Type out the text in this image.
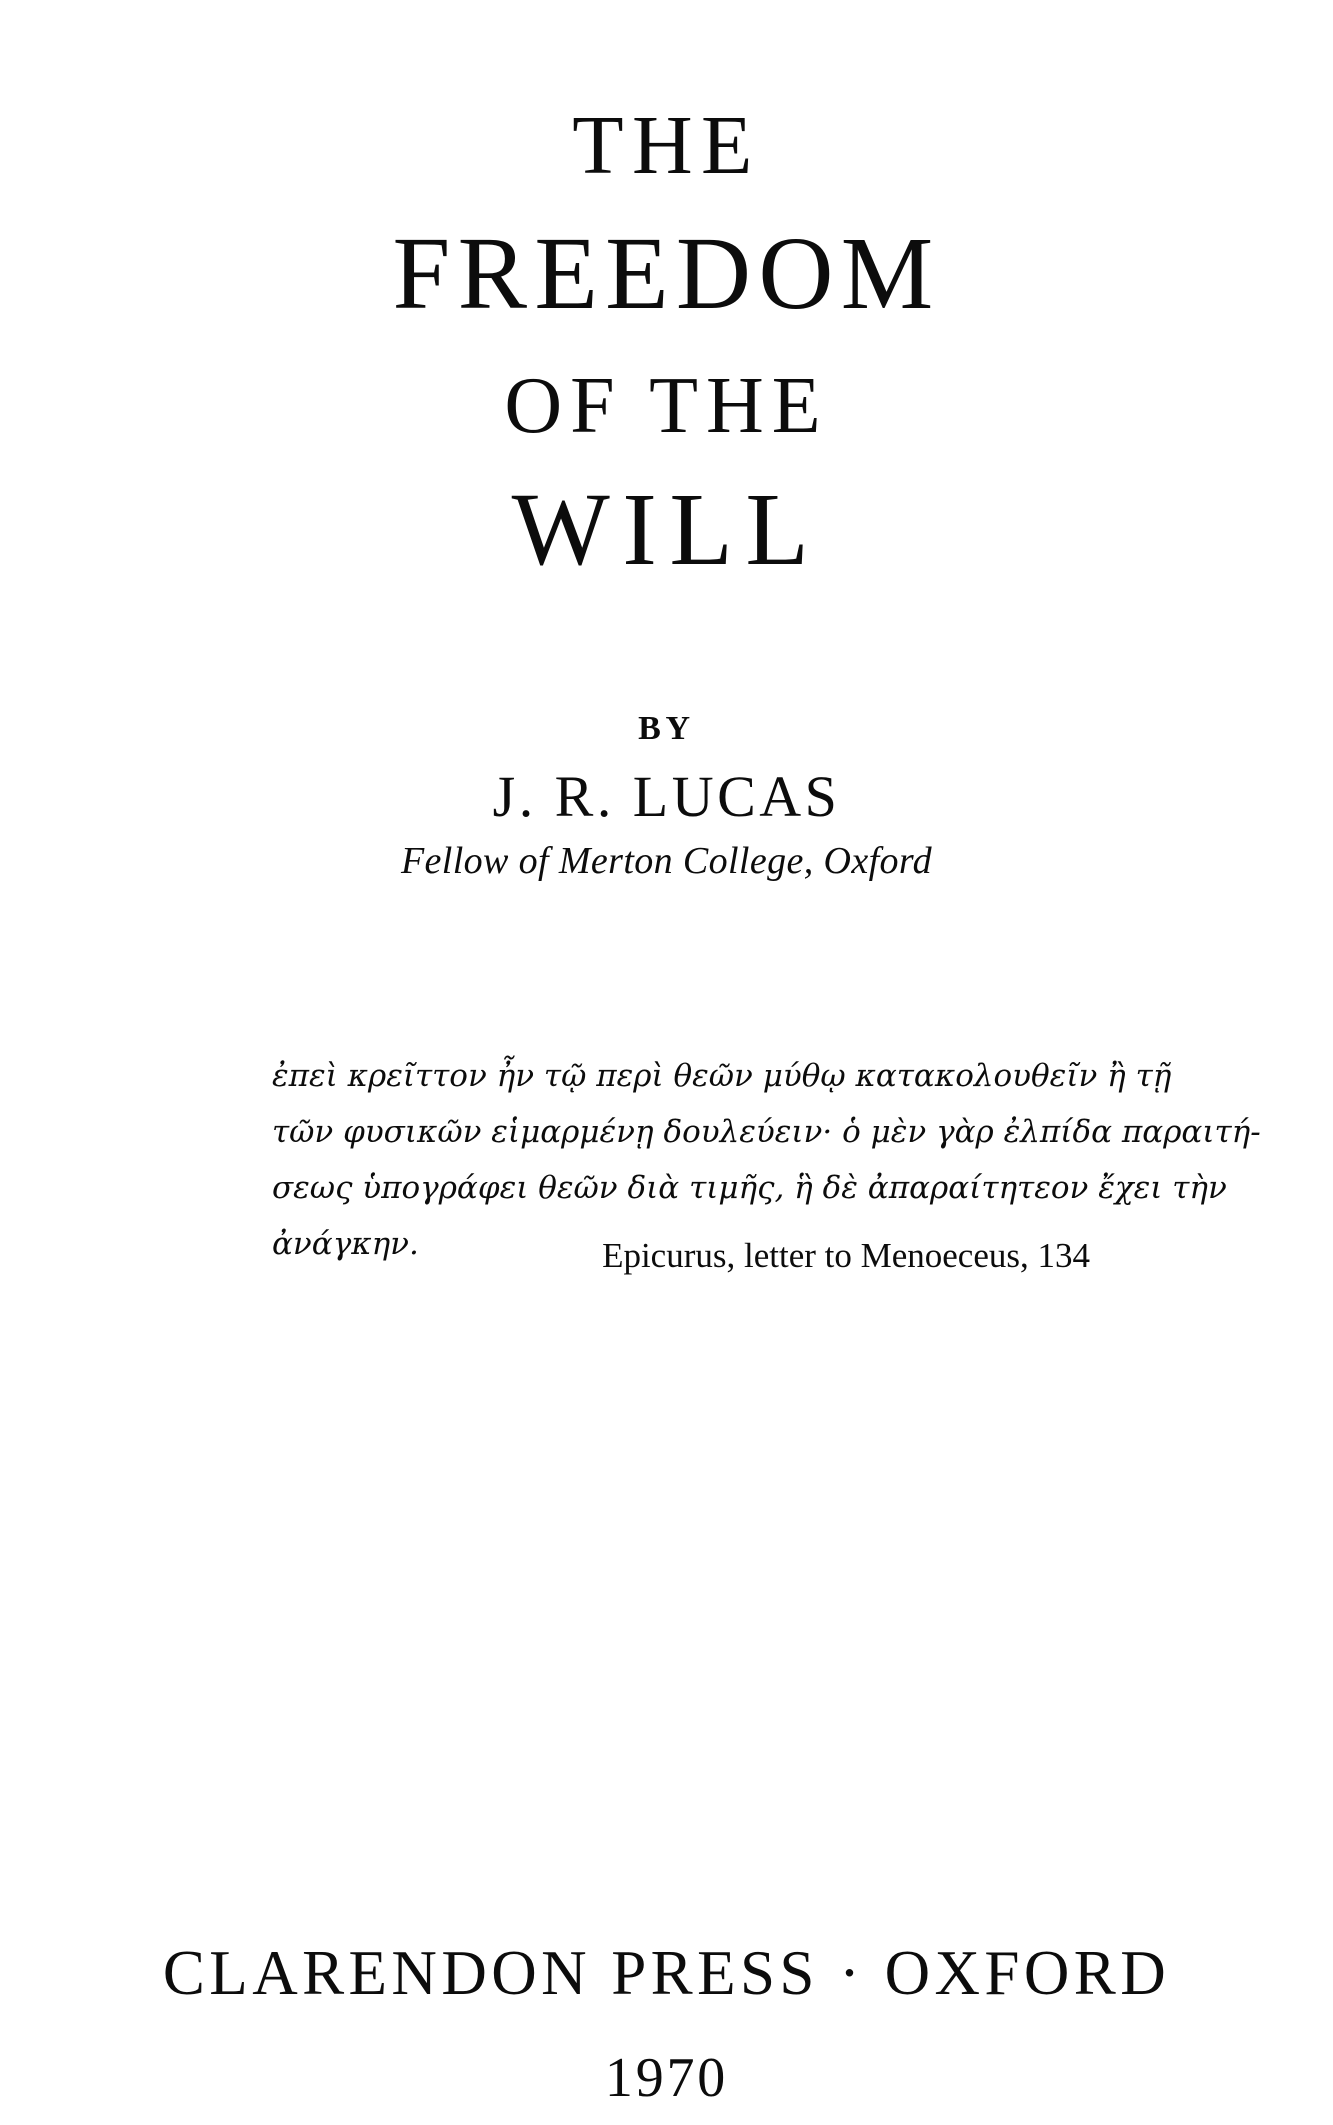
THE
FREEDOM
OF THE
WILL
BY
J. R. LUCAS
Fellow of Merton College, Oxford
ἐπεὶ κρεῖττον ἦν τῷ περὶ θεῶν μύθῳ κατακολουθεῖν ἢ τῇ
τῶν φυσικῶν εἱμαρμένῃ δουλεύειν· ὁ μὲν γὰρ ἐλπίδα παραιτή-
σεως ὑπογράφει θεῶν διὰ τιμῆς, ἣ δὲ ἀπαραίτητεον ἔχει τὴν
ἀνάγκην.	Epicurus, letter to Menoeceus, 134
CLARENDON PRESS · OXFORD
1970
